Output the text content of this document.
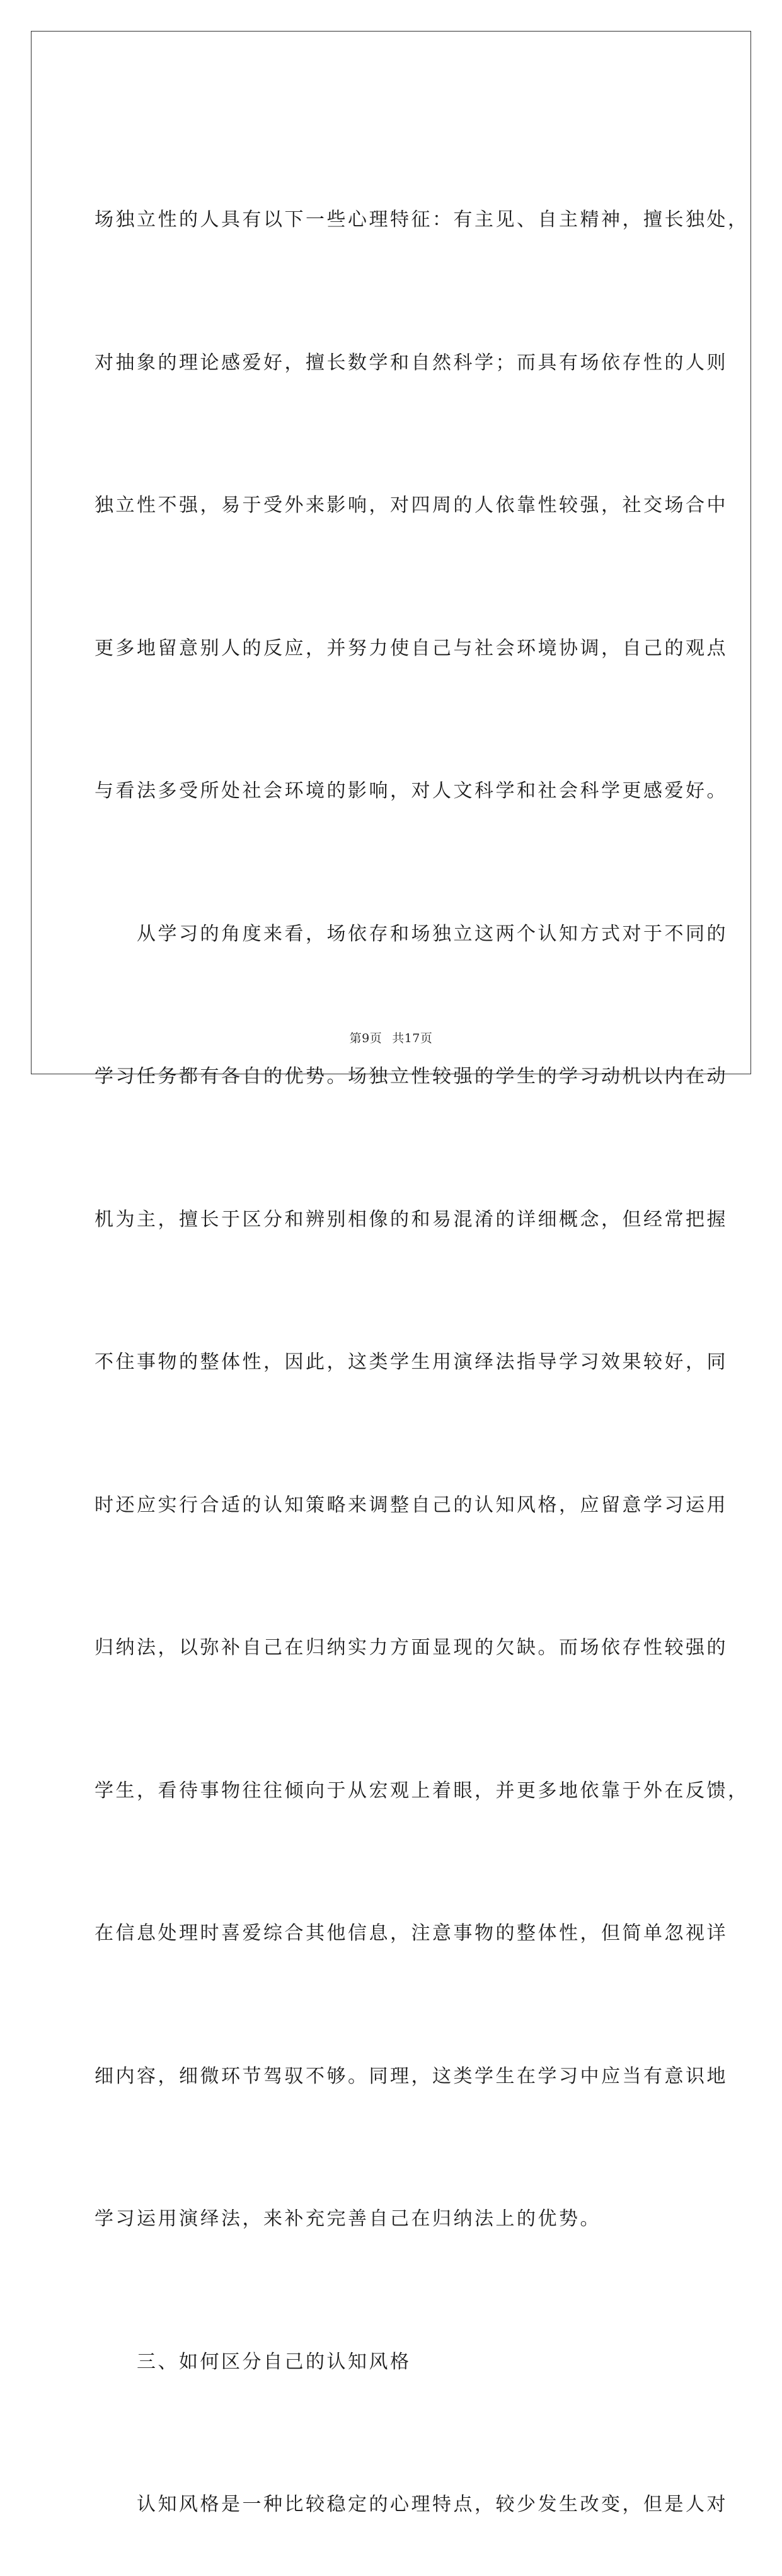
场独立性的人具有以下一些心理特征：有主见、自主精神，擅长独处，

对抽象的理论感爱好，擅长数学和自然科学；而具有场依存性的人则

独立性不强，易于受外来影响，对四周的人依靠性较强，社交场合中

更多地留意别人的反应，并努力使自己与社会环境协调，自己的观点

与看法多受所处社会环境的影响，对人文科学和社会科学更感爱好。

　　从学习的角度来看，场依存和场独立这两个认知方式对于不同的

学习任务都有各自的优势。场独立性较强的学生的学习动机以内在动

机为主，擅长于区分和辨别相像的和易混淆的详细概念，但经常把握

不住事物的整体性，因此，这类学生用演绎法指导学习效果较好，同

时还应实行合适的认知策略来调整自己的认知风格，应留意学习运用

归纳法，以弥补自己在归纳实力方面显现的欠缺。而场依存性较强的

学生，看待事物往往倾向于从宏观上着眼，并更多地依靠于外在反馈，

在信息处理时喜爱综合其他信息，注意事物的整体性，但简单忽视详

细内容，细微环节驾驭不够。同理，这类学生在学习中应当有意识地

学习运用演绎法，来补充完善自己在归纳法上的优势。

　　三、如何区分自己的认知风格

　　认知风格是一种比较稳定的心理特点，较少发生改变，但是人对

第9页 共17页
